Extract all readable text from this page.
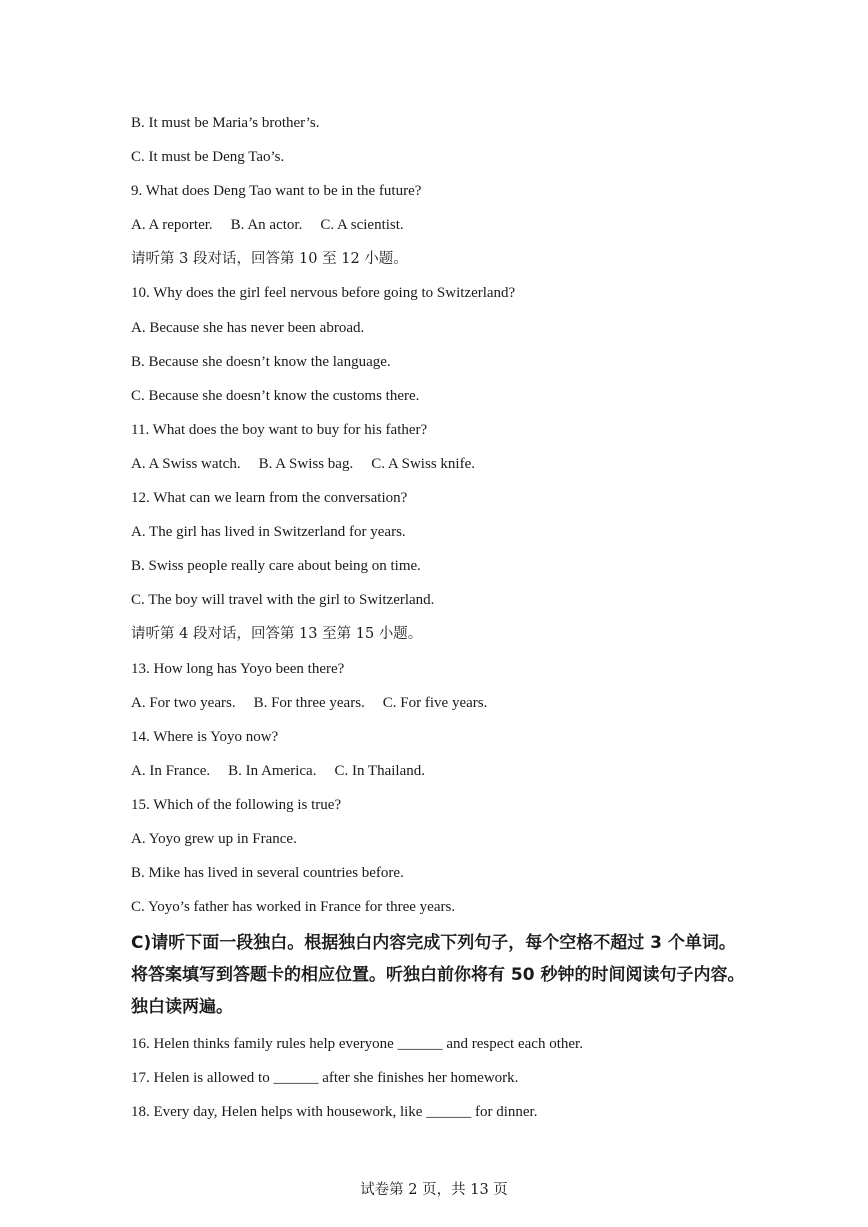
B. It must be Maria’s brother’s.
C. It must be Deng Tao’s.
9. What does Deng Tao want to be in the future?
A. A reporter. B. An actor. C. A scientist.
请听第 3 段对话，回答第 10 至 12 小题。
10. Why does the girl feel nervous before going to Switzerland?
A. Because she has never been abroad.
B. Because she doesn’t know the language.
C. Because she doesn’t know the customs there.
11. What does the boy want to buy for his father?
A. A Swiss watch. B. A Swiss bag. C. A Swiss knife.
12. What can we learn from the conversation?
A. The girl has lived in Switzerland for years.
B. Swiss people really care about being on time.
C. The boy will travel with the girl to Switzerland.
请听第 4 段对话，回答第 13 至第 15 小题。
13. How long has Yoyo been there?
A. For two years. B. For three years. C. For five years.
14. Where is Yoyo now?
A. In France. B. In America. C. In Thailand.
15. Which of the following is true?
A. Yoyo grew up in France.
B. Mike has lived in several countries before.
C. Yoyo’s father has worked in France for three years.
C)请听下面一段独白。根据独白内容完成下列句子，每个空格不超过 3 个单词。
将答案填写到答题卡的相应位置。听独白前你将有 50 秒钟的时间阅读句子内容。
独白读两遍。
16. Helen thinks family rules help everyone ______ and respect each other.
17. Helen is allowed to ______ after she finishes her homework.
18. Every day, Helen helps with housework, like ______ for dinner.
试卷第 2 页，共 13 页
